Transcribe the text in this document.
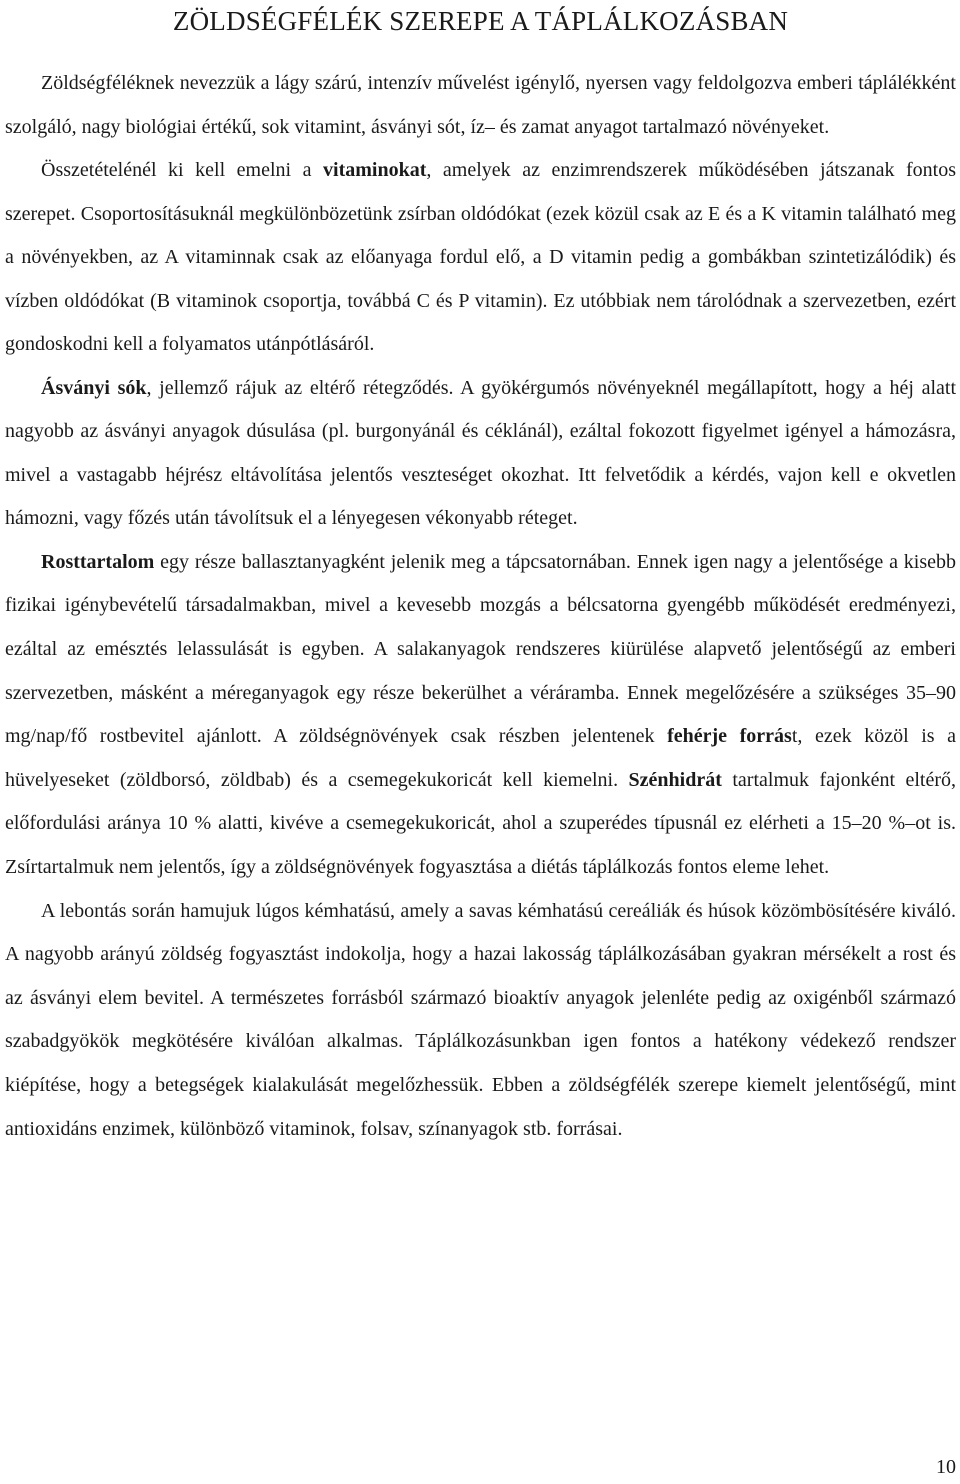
ZÖLDSÉGFÉLÉK SZEREPE A TÁPLÁLKOZÁSBAN

Zöldségféléknek nevezzük a lágy szárú, intenzív művelést igénylő, nyersen vagy feldolgozva emberi táplálékként szolgáló, nagy biológiai értékű, sok vitamint, ásványi sót, íz– és zamat anyagot tartalmazó növényeket.

Összetételénél ki kell emelni a vitaminokat, amelyek az enzimrendszerek működésében játszanak fontos szerepet. Csoportosításuknál megkülönbözetünk zsírban oldódókat (ezek közül csak az E és a K vitamin található meg a növényekben, az A vitaminnak csak az előanyaga fordul elő, a D vitamin pedig a gombákban szintetizálódik) és vízben oldódókat (B vitaminok csoportja, továbbá C és P vitamin). Ez utóbbiak nem tárolódnak a szervezetben, ezért gondoskodni kell a folyamatos utánpótlásáról.

Ásványi sók, jellemző rájuk az eltérő rétegződés. A gyökérgumós növényeknél megállapított, hogy a héj alatt nagyobb az ásványi anyagok dúsulása (pl. burgonyánál és céklánál), ezáltal fokozott figyelmet igényel a hámozásra, mivel a vastagabb héjrész eltávolítása jelentős veszteséget okozhat. Itt felvetődik a kérdés, vajon kell e okvetlen hámozni, vagy főzés után távolítsuk el a lényegesen vékonyabb réteget.

Rosttartalom egy része ballasztanyagként jelenik meg a tápcsatornában. Ennek igen nagy a jelentősége a kisebb fizikai igénybevételű társadalmakban, mivel a kevesebb mozgás a bélcsatorna gyengébb működését eredményezi, ezáltal az emésztés lelassulását is egyben. A salakanyagok rendszeres kiürülése alapvető jelentőségű az emberi szervezetben, másként a méreganyagok egy része bekerülhet a véráramba. Ennek megelőzésére a szükséges 35–90 mg/nap/fő rostbevitel ajánlott. A zöldségnövények csak részben jelentenek fehérje forrást, ezek közöl is a hüvelyeseket (zöldborsó, zöldbab) és a csemegekukoricát kell kiemelni. Szénhidrát tartalmuk fajonként eltérő, előfordulási aránya 10 % alatti, kivéve a csemegekukoricát, ahol a szuperédes típusnál ez elérheti a 15–20 %–ot is. Zsírtartalmuk nem jelentős, így a zöldségnövények fogyasztása a diétás táplálkozás fontos eleme lehet.

A lebontás során hamujuk lúgos kémhatású, amely a savas kémhatású cereáliák és húsok közömbösítésére kiváló. A nagyobb arányú zöldség fogyasztást indokolja, hogy a hazai lakosság táplálkozásában gyakran mérsékelt a rost és az ásványi elem bevitel. A természetes forrásból származó bioaktív anyagok jelenléte pedig az oxigénből származó szabadgyökök megkötésére kiválóan alkalmas. Táplálkozásunkban igen fontos a hatékony védekező rendszer kiépítése, hogy a betegségek kialakulását megelőzhessük. Ebben a zöldségfélék szerepe kiemelt jelentőségű, mint antioxidáns enzimek, különböző vitaminok, folsav, színanyagok stb. forrásai.

10
